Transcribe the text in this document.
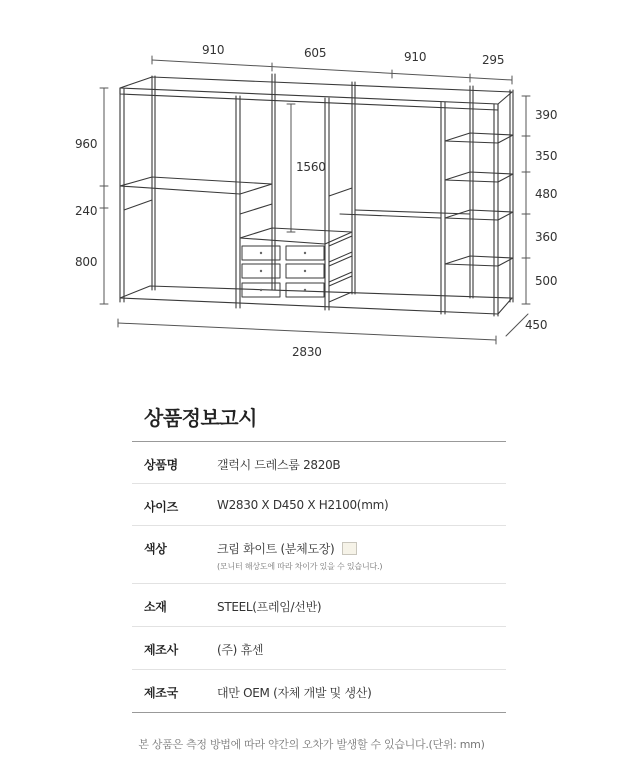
910	605	910	295
960
240
800
390
350
480
360
500
1560
450
2830
상품정보고시
상품명	갤럭시 드레스룸 2820B
사이즈	W2830 X D450 X H2100(mm)
색상	크림 화이트 (분체도장)
(모니터 해상도에 따라 차이가 있을 수 있습니다.)
소재	STEEL(프레임/선반)
제조사	(주) 휴센
제조국	대만 OEM (자체 개발 및 생산)

본 상품은 측정 방법에 따라 약간의 오차가 발생할 수 있습니다.(단위: mm)
